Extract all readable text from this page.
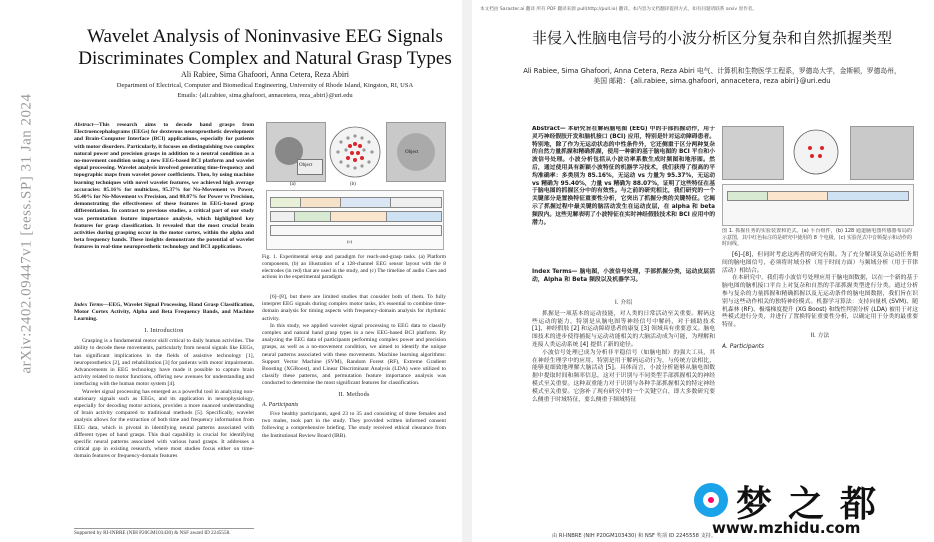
Wavelet Analysis of Noninvasive EEG Signals Discriminates Complex and Natural Grasp Types
Ali Rabiee, Sima Ghafoori, Anna Cetera, Reza Abiri
Department of Electrical, Computer and Biomedical Engineering, University of Rhode Island, Kingston, RI, USA
Emails: {ali.rabiee, sima.ghafoori, annacetera, reza_abiri}@uri.edu
arXiv:2402.09447v1 [eess.SP] 31 Jan 2024	Abstract—This research aims to decode hand grasps from Electroencephalograms (EEGs) for dexterous neuroprosthetic development and Brain-Computer Interface (BCI) applications, especially for patients with motor disorders. Particularly, it focuses on distinguishing two complex natural power and precision grasps in addition to a neutral condition as a no-movement condition using a new EEG-based BCI platform and wavelet signal processing. Wavelet analysis involved generating time-frequency and topographic maps from wavelet power coefficients. Then, by using machine learning techniques with novel wavelet features, we achieved high average accuracies: 85.16% for multiclass, 95.37% for No-Movement vs Power, 95.40% for No-Movement vs Precision, and 88.07% for Power vs Precision, demonstrating the effectiveness of these features in EEG-based grasp differentiation. In contrast to previous studies, a critical part of our study was permutation feature importance analysis, which highlighted key features for grasp classification. It revealed that the most crucial brain activities during grasping occur in the motor cortex, within the alpha and beta frequency bands. These insights demonstrate the potential of wavelet features in real-time neuroprosthetic technology and BCI applications.
Index Terms—EEG, Wavelet Signal Processing, Hand Grasp Classification, Motor Cortex Activity, Alpha and Beta Frequency Bands, and Machine Learning.
I. Introduction
Grasping is a fundamental motor skill critical to daily human activities. The ability to decode these movements, particularly from neural signals like EEGs, has significant implications in the fields of assistive technology [1], neuroprosthetics [2], and rehabilitation [3] for patients with motor impairments. Advancements in EEG technology have made it possible to capture brain activity related to motor functions, offering new avenues for understanding and interfacing with the human motor system [4].
Wavelet signal processing has emerged as a powerful tool in analyzing non-stationary signals such as EEGs, and its application in neurophysiology, especially for decoding motor actions, provides a more nuanced understanding of brain activity compared to traditional methods [5]. Specifically, wavelet analysis allows for the extraction of both time and frequency information from EEG data, which is pivotal in identifying neural patterns associated with different types of hand grasps. This dual capability is crucial for identifying specific neural patterns associated with various hand grasps. It addresses a critical gap in existing research, where most studies focus either on time-domain features or frequency-domain features
Object
(a)	(b)
Object
(c)
Fig. 1. Experimental setup and paradigm for reach-and-grasp tasks. (a) Platform components, (b) an illustration of a 128-channel EEG sensor layout with the 8 electrodes (in red) that are used in the study, and (c) The timeline of audio Cues and actions in the experimental paradigm.
[6]–[8], but there are limited studies that consider both of them. To fully interpret EEG signals during complex motor tasks, it's essential to combine time-domain analysis for timing aspects with frequency-domain analysis for rhythmic activity.
In this study, we applied wavelet signal processing to EEG data to classify complex and natural hand grasp types in a new EEG-based BCI platform. By analyzing the EEG data of participants performing complex power and precision grasps, as well as a no-movement condition, we aimed to identify the unique neural patterns associated with these movements. Machine learning algorithms: Support Vector Machine (SVM), Random Forest (RF), Extreme Gradient Boosting (XGBoost), and Linear Discriminant Analysis (LDA) were utilized to classify these patterns, and permutation feature importance analysis was conducted to determine the most significant features for classification.
II. Methods
A. Participants
Five healthy participants, aged 23 to 35 and consisting of three females and two males, took part in the study. They provided written informed consent following a comprehensive briefing. The study received ethical clearance from the Institutional Review Board (IRB).
Supported by RI-INBRE (NIH P20GM103430) & NSF award ID 2245558.
本文档由 Saraster.ai 翻译 所有 PDF 翻译来源 pull(http://pull.io) 翻译。本内容为文档翻译提供方式，如有问题请联系 arxiv 原作者。
非侵入性脑电信号的小波分析区分复杂和自然抓握类型
Ali Rabiee, Sima Ghafoori, Anna Cetera, Reza Abiri 电气、计算机和生物医学工程系，罗德岛大学，金斯顿，罗德岛州，美国 邮箱：{ali.rabiee, sima.ghafoori, annacetera, reza abiri}@uri.edu
Abstract— 本研究旨在解码脑电图 (EEG) 中的手部抓握动作，用于灵巧神经假肢开发和脑机接口 (BCI) 应用，特别是针对运动障碍患者。特别地，除了作为无运动状态的中性条件外，它还侧重于区分两种复杂的自然力量抓握和精确抓握，使用一种新的基于脑电图的 BCI 平台和小波信号处理。小波分析包括从小波功率系数生成时频图和地形图。然后，通过使用具有新颖小波特征的机器学习技术，我们获得了很高的平均准确率：多类别为 85.16%，无运动 vs 力量为 95.37%，无运动 vs 精确为 95.40%，力量 vs 精确为 88.07%，证明了这些特征在基于脑电图的抓握区分中的有效性。与之前的研究相比，我们研究的一个关键部分是置换特征重要性分析，它突出了抓握分类的关键特征。它揭示了抓握过程中最关键的脑活动发生在运动皮层，在 alpha 和 beta 频段内。这些见解表明了小波特征在实时神经假肢技术和 BCI 应用中的潜力。
Index Terms— 脑电图，小波信号处理，手部抓握分类，运动皮层活动，Alpha 和 Beta 频段以及机器学习。
I. 介绍
抓握是一项基本的运动技能，对人类的日常活动至关重要。解码这些运动的能力，特别是从脑电图等神经信号中解码，对于辅助技术 [1]、神经假肢 [2] 和运动障碍患者的康复 [3] 领域具有重要意义。脑电图技术的进步使得捕捉与运动功能相关的大脑活动成为可能，为理解和连接人类运动系统 [4] 提供了新的途径。
小波信号处理已成为分析非平稳信号（如脑电图）的强大工具，其在神经生理学中的应用，特别是用于解码运动行为，与传统方法相比，能够更细致地理解大脑活动 [5]。具体而言，小波分析能够从脑电图数据中提取时间和频率信息，这对于识别与不同类型手部抓握相关的神经模式至关重要。这种双重能力对于识别与各种手部抓握相关的特定神经模式至关重要。它弥补了现有研究中的一个关键空白，即大多数研究要么侧重于时域特征，要么侧重于频域特征
图 1. 抓握任务的实验装置和范式。(a) 平台组件，(b) 128 通道脑电图传感器布局的示意图，其中红色标注的是研究中使用的 8 个电极，(c) 实验范式中音频提示和动作的时间线。
[6]–[8]，但同时考虑这两者的研究有限。为了充分解读复杂运动任务期间的脑电图信号，必须将时域分析（用于时间方面）与频域分析（用于节律活动）相结合。
在本研究中，我们将小波信号处理应用于脑电图数据，以在一个新的基于脑电图的脑机接口平台上对复杂和自然的手部抓握类型进行分类。通过分析参与复杂的力量抓握和精确抓握以及无运动条件的脑电图数据，我们旨在识别与这些动作相关的独特神经模式。机器学习算法：支持向量机 (SVM)、随机森林 (RF)、极端梯度提升 (XG Boost) 和线性判别分析 (LDA) 被用于对这些模式进行分类，并进行了置换特征重要性分析，以确定用于分类的最重要特征。
II. 方法
A. Participants
由 RI-INBRE (NIH P20GM103430) 和 NSF 奖项 ID 2245558 支持。
梦之都
www.mzhidu.com
